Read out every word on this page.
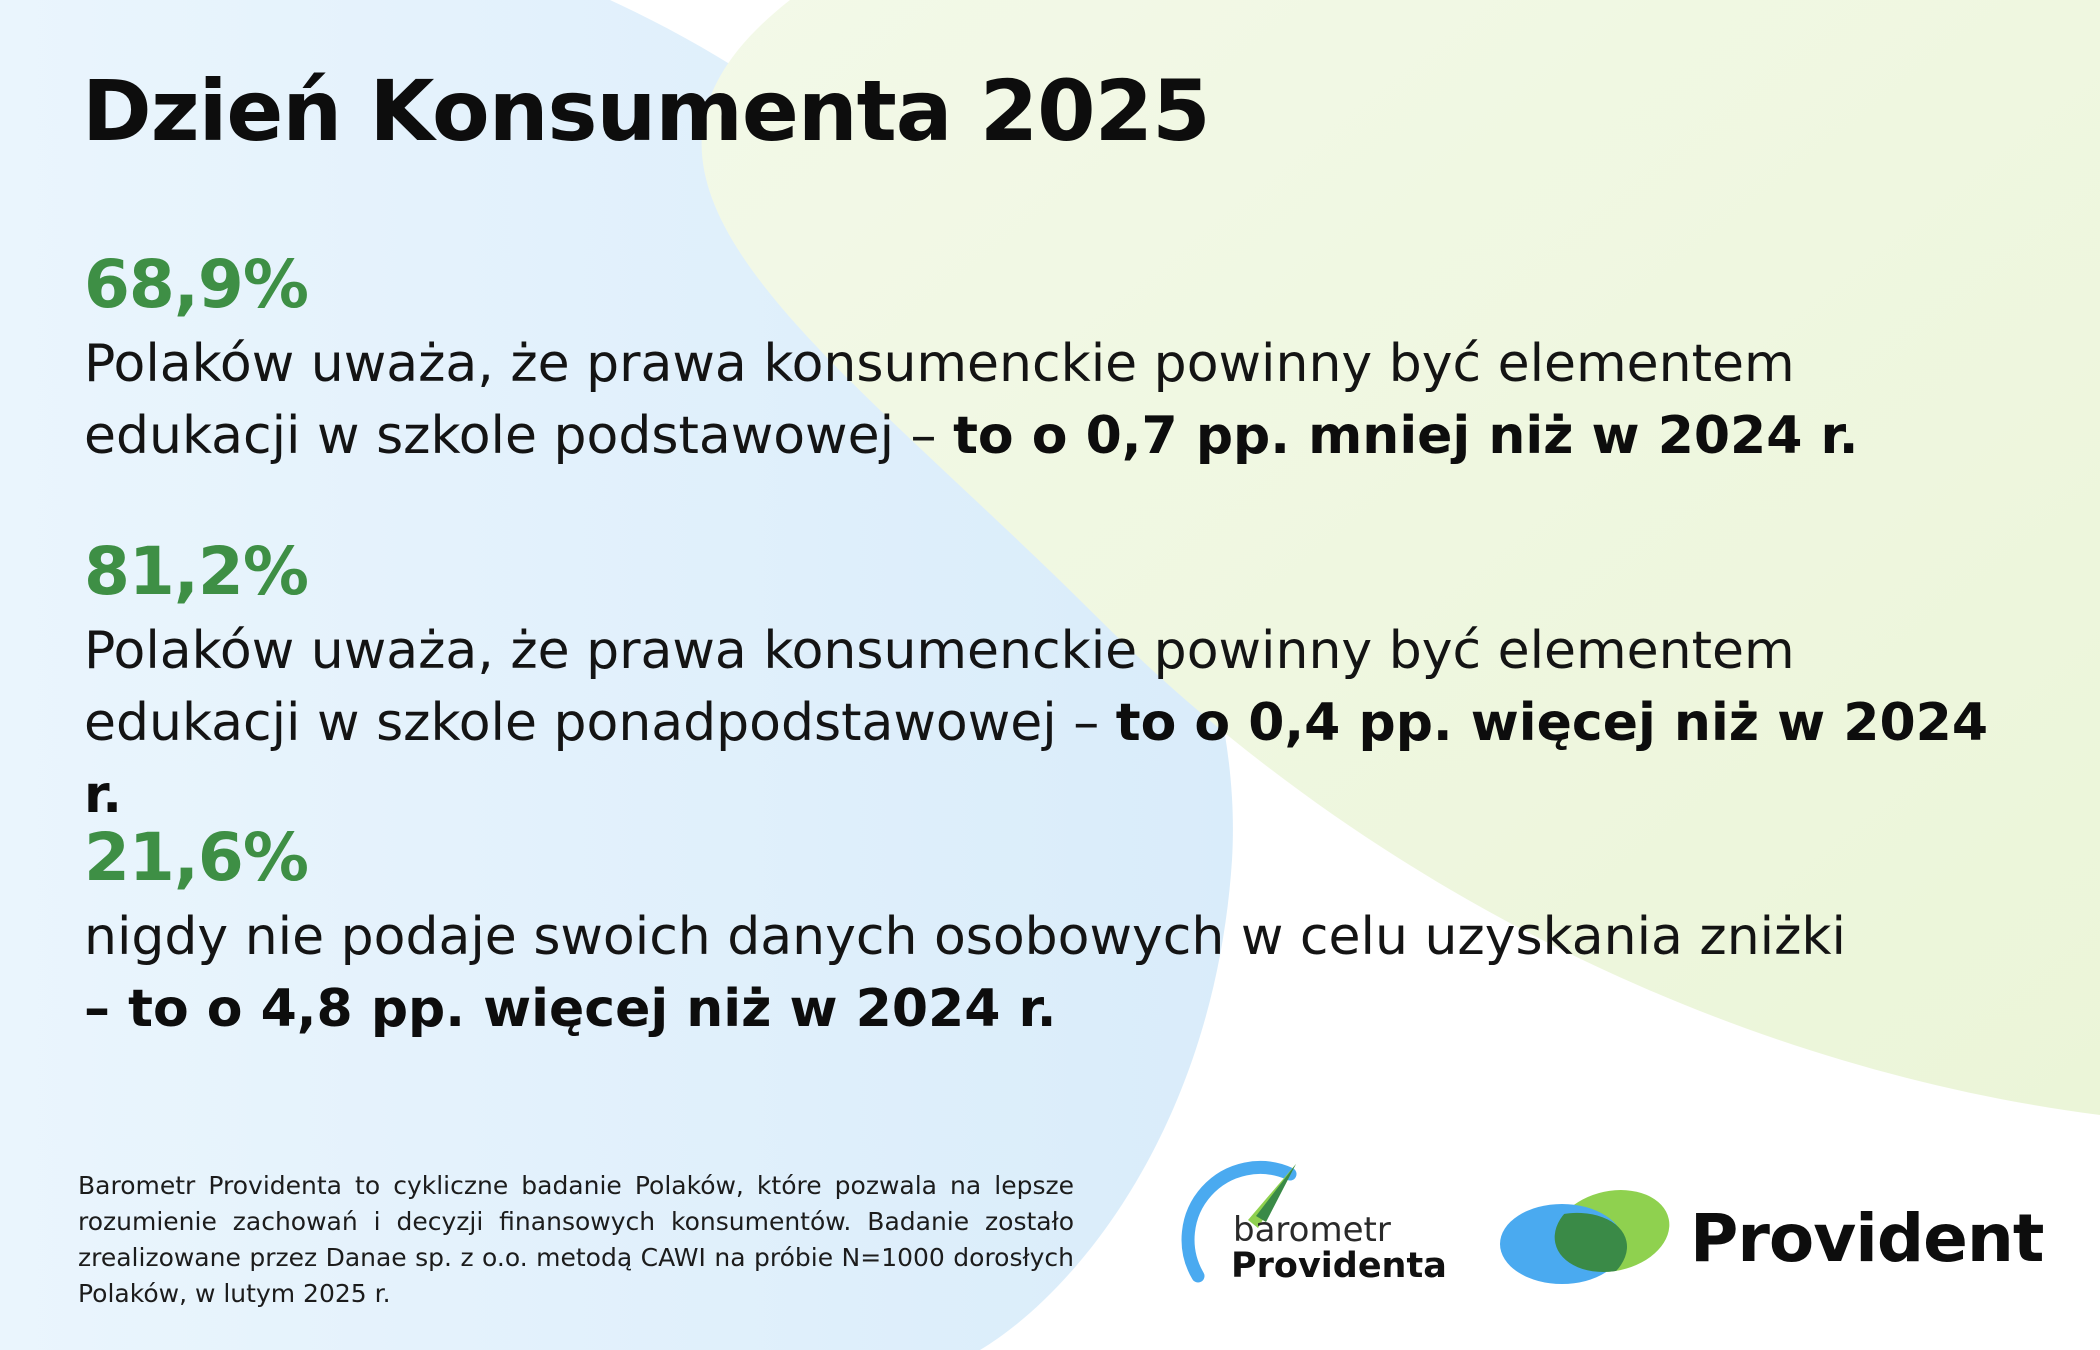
Dzień Konsumenta 2025
68,9%
Polaków uważa, że prawa konsumenckie powinny być elementem
edukacji w szkole podstawowej – to o 0,7 pp. mniej niż w 2024 r.
81,2%
Polaków uważa, że prawa konsumenckie powinny być elementem
edukacji w szkole ponadpodstawowej – to o 0,4 pp. więcej niż w 2024 r.
21,6%
nigdy nie podaje swoich danych osobowych w celu uzyskania zniżki
– to o 4,8 pp. więcej niż w 2024 r.
Barometr Providenta to cykliczne badanie Polaków, które pozwala na lepsze rozumienie zachowań i decyzji finansowych konsumentów. Badanie zostało zrealizowane przez Danae sp. z o.o. metodą CAWI na próbie N=1000 dorosłych Polaków, w lutym 2025 r.
barometr
Providenta	Provident
